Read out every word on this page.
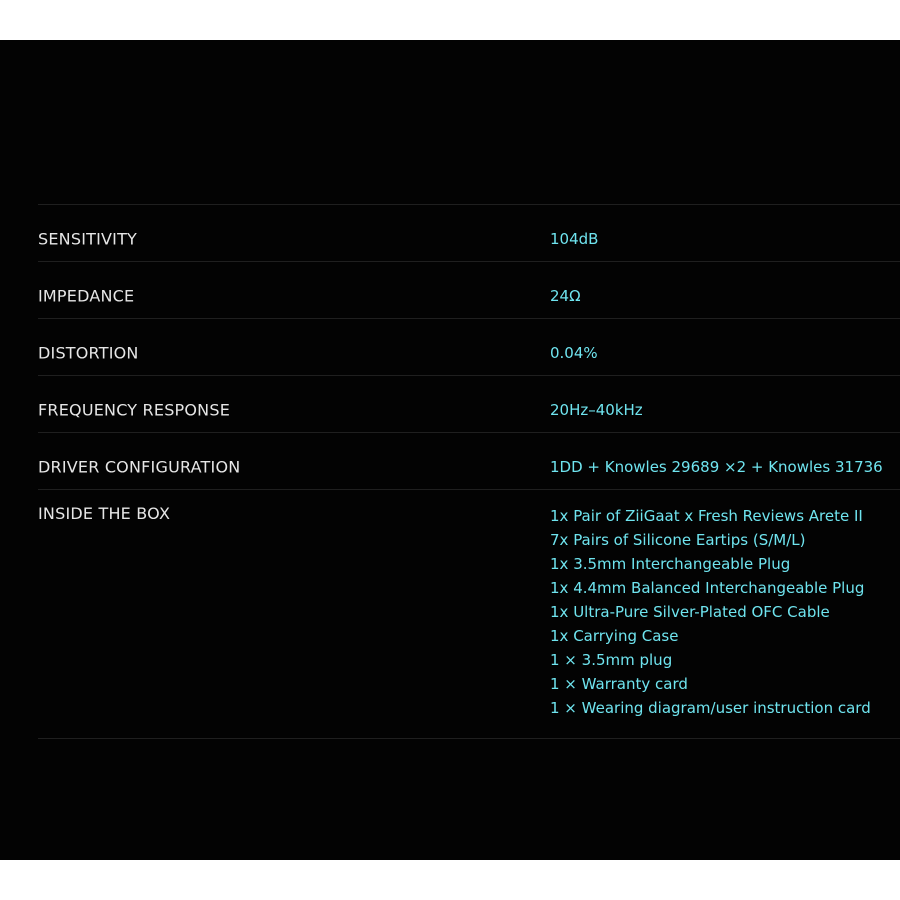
SENSITIVITY	104dB
IMPEDANCE	24Ω
DISTORTION	0.04%
FREQUENCY RESPONSE	20Hz–40kHz
DRIVER CONFIGURATION	1DD + Knowles 29689 ×2 + Knowles 31736
INSIDE THE BOX	1x Pair of ZiiGaat x Fresh Reviews Arete II
7x Pairs of Silicone Eartips (S/M/L)
1x 3.5mm Interchangeable Plug
1x 4.4mm Balanced Interchangeable Plug
1x Ultra-Pure Silver-Plated OFC Cable
1x Carrying Case
1 × 3.5mm plug
1 × Warranty card
1 × Wearing diagram/user instruction card
